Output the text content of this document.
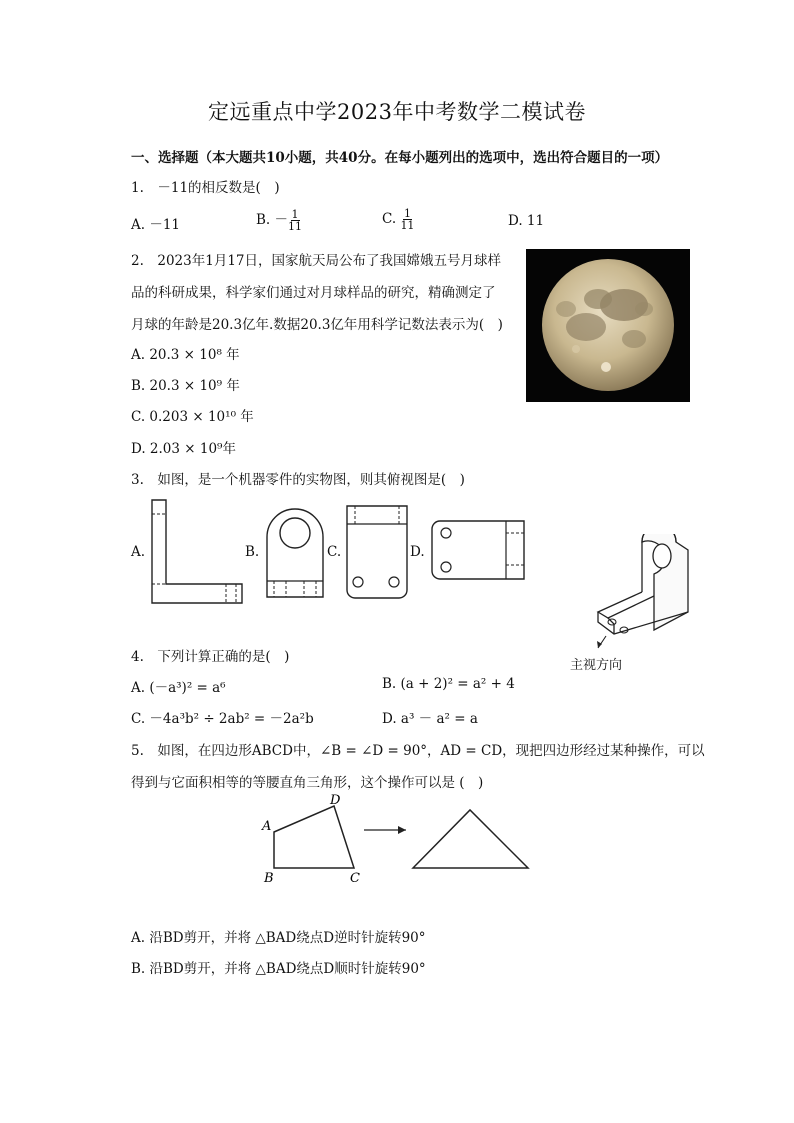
定远重点中学2023年中考数学二模试卷
一、选择题（本大题共10小题，共40分。在每小题列出的选项中，选出符合题目的一项）
1.　－11的相反数是(　)
A. －11	B. － $\frac{1}{11}$	C. $\frac{1}{11}$	D. 11
2.　2023年1月17日，国家航天局公布了我国嫦娥五号月球样
品的科研成果，科学家们通过对月球样品的研究，精确测定了
月球的年龄是20.3亿年.数据20.3亿年用科学记数法表示为(　)
A. 20.3 × 10⁸ 年
B. 20.3 × 10⁹ 年
C. 0.203 × 10¹⁰ 年
D. 2.03 × 10⁹年
3.　如图，是一个机器零件的实物图，则其俯视图是(　)
A.	B.	C.	D.
主视方向
4.　下列计算正确的是(　)
A. (－a³)² = a⁶	B. (a + 2)² = a² + 4
C. －4a³b² ÷ 2ab² = －2a²b	D. a³ － a² = a
5.　如图，在四边形ABCD中，∠B = ∠D = 90°，AD = CD，现把四边形经过某种操作，可以
得到与它面积相等的等腰直角三角形，这个操作可以是 (　)
A
B	C
D
A. 沿BD剪开，并将 △BAD绕点D逆时针旋转90°
B. 沿BD剪开，并将 △BAD绕点D顺时针旋转90°
